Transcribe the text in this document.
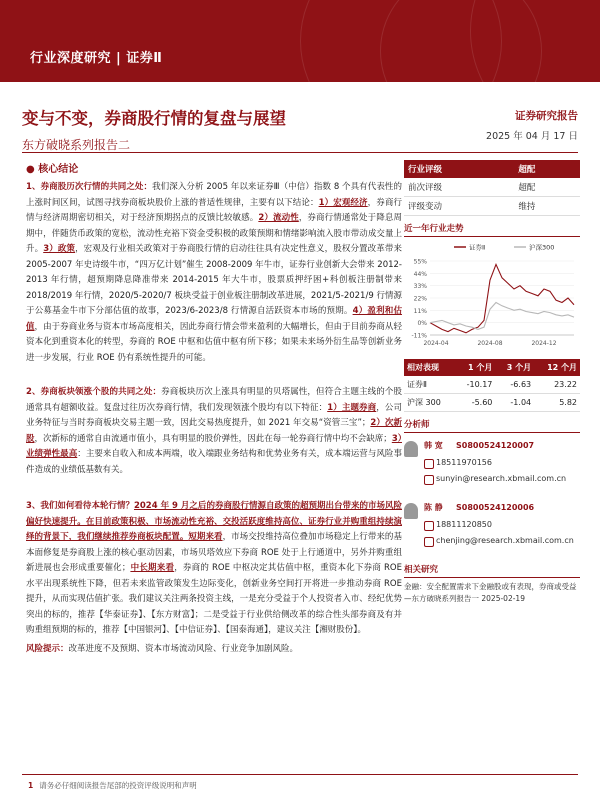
行业深度研究 | 证券Ⅱ
变与不变，券商股行情的复盘与展望
东方破晓系列报告二
证券研究报告
2025 年 04 月 17 日
● 核心结论

1、券商股历次行情的共同之处：我们深入分析 2005 年以来证券Ⅲ（中信）指数 8 个具有代表性的上涨时间区间，试图寻找券商板块股价上涨的普适性规律，主要有以下结论：1）宏观经济，券商行情与经济周期密切相关，对于经济预期拐点的反馈比较敏感。2）流动性，券商行情通常处于降息周期中，伴随货币政策的宽松，流动性充裕下资金受积极的政策预期和情绪影响流入股市带动成交量上升。3）政策，宏观及行业相关政策对于券商股行情的启动往往具有决定性意义，股权分置改革带来 2005-2007 年史诗级牛市，“四万亿计划”催生 2008-2009 年牛市，证券行业创新大会带来 2012-2013 年行情，超预期降息降准带来 2014-2015 年大牛市，股票质押纾困+科创板注册制带来 2018/2019 年行情，2020/5-2020/7 板块受益于创业板注册制改革进展，2021/5-2021/9 行情源于公募基金牛市下分部估值的故事，2023/6-2023/8 行情源自活跃资本市场的预期。4）盈利和估值，由于券商业务与资本市场高度相关，因此券商行情会带来盈利的大幅增长，但由于目前券商从轻资本化到重资本化的转型，券商的 ROE 中枢和估值中枢有所下移；如果未来场外衍生品等创新业务进一步发展，行业 ROE 仍有系统性提升的可能。

2、券商板块领涨个股的共同之处：券商板块历次上涨具有明显的贝塔属性，但符合主题主线的个股通常具有超额收益。复盘过往历次券商行情，我们发现领涨个股均有以下特征：1）主题券商，公司业务特征与当时券商板块交易主题一致，因此交易热度提升，如 2021 年交易“资管三宝”；2）次新股，次新标的通常自由流通市值小，具有明显的股价弹性，因此在每一轮券商行情中均不会缺席；3）业绩弹性最高：主要来自收入和成本两端，收入端跟业务结构和优势业务有关，成本端运营与风险事件造成的业绩低基数有关。

3、我们如何看待本轮行情？2024 年 9 月之后的券商股行情源自政策的超预期出台带来的市场风险偏好快速提升。在目前政策积极、市场流动性充裕、交投活跃度维持高位、证券行业并购重组持续演绎的背景下，我们继续推荐券商板块配置。短期来看，市场交投维持高位叠加市场稳定上行带来的基本面修复是券商股上涨的核心驱动因素，市场贝塔效应下券商 ROE 处于上行通道中，另外并购重组新进展也会形成重要催化；中长期来看，券商的 ROE 中枢决定其估值中枢，重资本化下券商 ROE 水平出现系统性下降，但若未来监管政策发生边际变化，创新业务空间打开将进一步推动券商 ROE 提升，从而实现估值扩张。我们建议关注两条投资主线，一是充分受益于个人投资者入市、经纪优势突出的标的，推荐【华泰证券】、【东方财富】；二是受益于行业供给侧改革的综合性头部券商及有并购重组预期的标的，推荐【中国银河】、【中信证券】、【国泰海通】，建议关注【湘财股份】。

风险提示：改革进度不及预期、资本市场流动风险、行业竞争加剧风险。

行业评级	超配
前次评级	超配
评级变动	维持
近一年行业走势
-11%
0%
11%
22%
33%
44%
55%
2024-04	2024-08	2024-12
证券Ⅱ	沪深300
相对表现	1 个月	3 个月	12 个月
证券Ⅱ	-10.17	-6.63	23.22
沪深 300	-5.60	-1.04	5.82
分析师
韩 宽 S0800524120007
18511970156
sunyin@research.xbmail.com.cn
陈 静 S0800524120006
18811120850
chenjing@research.xbmail.com.cn
相关研究
金融：安全配置需求下金融股或有表现，券商或受益—东方破晓系列报告一 2025-02-19
1 请务必仔细阅读报告尾部的投资评级说明和声明
